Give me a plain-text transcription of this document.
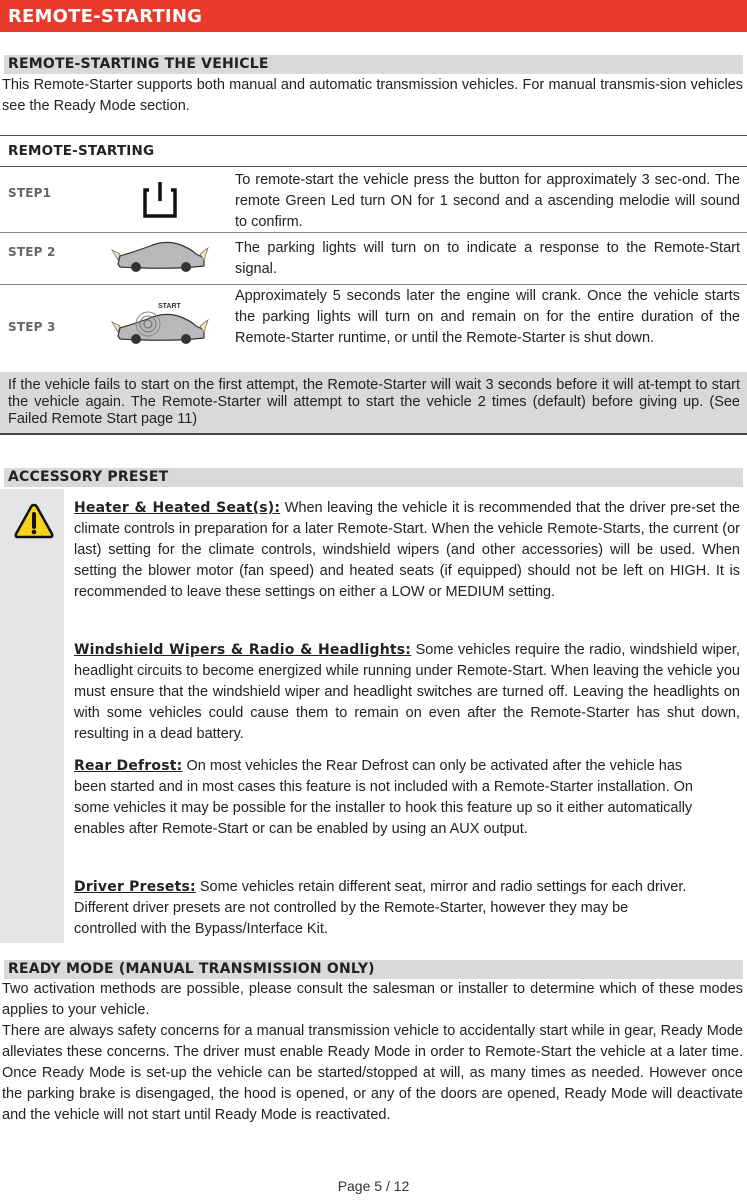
REMOTE-STARTING
REMOTE-STARTING THE VEHICLE
This Remote-Starter supports both manual and automatic transmission vehicles. For manual transmis-sion vehicles see the Ready Mode section.
REMOTE-STARTING
STEP1
To remote-start the vehicle press the button for approximately 3 sec-ond. The remote Green Led turn ON for 1 second and a ascending melodie will sound to confirm.
STEP 2	The parking lights will turn on to indicate a response to the Remote-Start signal.
STEP 3
START
Approximately 5 seconds later the engine will crank. Once the vehicle starts the parking lights will turn on and remain on for the entire duration of the Remote-Starter runtime, or until the Remote-Starter is shut down.

If the vehicle fails to start on the first attempt, the Remote-Starter will wait 3 seconds before it will at-tempt to start the vehicle again. The Remote-Starter will attempt to start the vehicle 2 times (default) before giving up. (See Failed Remote Start page 11)

ACCESSORY PRESET
Heater & Heated Seat(s): When leaving the vehicle it is recommended that the driver pre-set the climate controls in preparation for a later Remote-Start. When the vehicle Remote-Starts, the current (or last) setting for the climate controls, windshield wipers (and other accessories) will be used. When setting the blower motor (fan speed) and heated seats (if equipped) should not be left on HIGH. It is recommended to leave these settings on either a LOW or MEDIUM setting.
Windshield Wipers & Radio & Headlights: Some vehicles require the radio, windshield wiper, headlight circuits to become energized while running under Remote-Start. When leaving the vehicle you must ensure that the windshield wiper and headlight switches are turned off. Leaving the headlights on with some vehicles could cause them to remain on even after the Remote-Starter has shut down, resulting in a dead battery.
Rear Defrost: On most vehicles the Rear Defrost can only be activated after the vehicle has been started and in most cases this feature is not included with a Remote-Starter installation. On some vehicles it may be possible for the installer to hook this feature up so it either automatically enables after Remote-Start or can be enabled by using an AUX output.
Driver Presets: Some vehicles retain different seat, mirror and radio settings for each driver. Different driver presets are not controlled by the Remote-Starter, however they may be controlled with the Bypass/Interface Kit.
READY MODE (MANUAL TRANSMISSION ONLY)
Two activation methods are possible, please consult the salesman or installer to determine which of these modes applies to your vehicle.
There are always safety concerns for a manual transmission vehicle to accidentally start while in gear, Ready Mode alleviates these concerns. The driver must enable Ready Mode in order to Remote-Start the vehicle at a later time. Once Ready Mode is set-up the vehicle can be started/stopped at will, as many times as needed. However once the parking brake is disengaged, the hood is opened, or any of the doors are opened, Ready Mode will deactivate and the vehicle will not start until Ready Mode is reactivated.
Page 5 / 12
